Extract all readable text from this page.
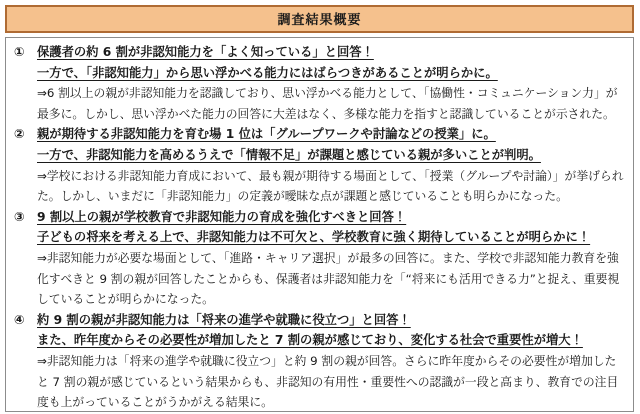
調査結果概要
① 保護者の約 6 割が非認知能力を「よく知っている」と回答！

一方で、「非認知能力」から思い浮かべる能力にはばらつきがあることが明らかに。

⇒6 割以上の親が非認知能力を認識しており、思い浮かべる能力として、「協働性・コミュニケーション力」が最多に。しかし、思い浮かべた能力の回答に大差はなく、多様な能力を指すと認識していることが示された。

② 親が期待する非認知能力を育む場 1 位は「グループワークや討論などの授業」に。

一方で、非認知能力を高めるうえで「情報不足」が課題と感じている親が多いことが判明。

⇒学校における非認知能力育成において、最も親が期待する場面として、「授業（グループや討論）」が挙げられた。しかし、いまだに「非認知能力」の定義が曖昧な点が課題と感じていることも明らかになった。

③ 9 割以上の親が学校教育で非認知能力の育成を強化すべきと回答！

子どもの将来を考える上で、非認知能力は不可欠と、学校教育に強く期待していることが明らかに！

⇒非認知能力が必要な場面として、「進路・キャリア選択」が最多の回答に。また、学校で非認知能力教育を強化すべきと 9 割の親が回答したことからも、保護者は非認知能力を「“将来にも活用できる力”と捉え、重要視していることが明らかになった。

④ 約 9 割の親が非認知能力は「将来の進学や就職に役立つ」と回答！

また、昨年度からその必要性が増加したと 7 割の親が感じており、変化する社会で重要性が増大！

⇒非認知能力は「将来の進学や就職に役立つ」と約 9 割の親が回答。さらに昨年度からその必要性が増加したと 7 割の親が感じているという結果からも、非認知の有用性・重要性への認識が一段と高まり、教育での注目度も上がっていることがうかがえる結果に。
